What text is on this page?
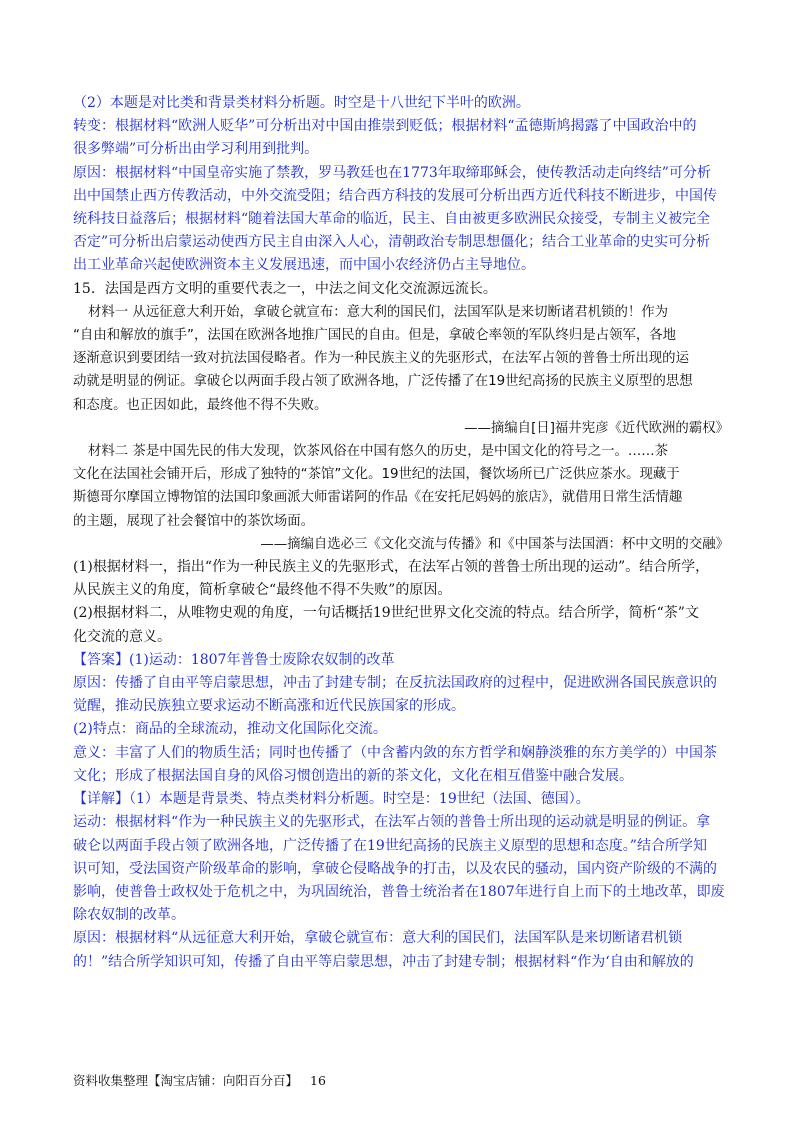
（2）本题是对比类和背景类材料分析题。时空是十八世纪下半叶的欧洲。
转变：根据材料“欧洲人贬华”可分析出对中国由推崇到贬低；根据材料“孟德斯鸠揭露了中国政治中的
很多弊端”可分析出由学习利用到批判。
原因：根据材料“中国皇帝实施了禁教，罗马教廷也在1773年取缔耶稣会，使传教活动走向终结”可分析
出中国禁止西方传教活动，中外交流受阻；结合西方科技的发展可分析出西方近代科技不断进步，中国传
统科技日益落后；根据材料“随着法国大革命的临近，民主、自由被更多欧洲民众接受，专制主义被完全
否定”可分析出启蒙运动使西方民主自由深入人心，清朝政治专制思想僵化；结合工业革命的史实可分析
出工业革命兴起使欧洲资本主义发展迅速，而中国小农经济仍占主导地位。
15．法国是西方文明的重要代表之一，中法之间文化交流源远流长。
材料一 从远征意大利开始，拿破仑就宣布：意大利的国民们，法国军队是来切断诸君机锁的！作为
“自由和解放的旗手”，法国在欧洲各地推广国民的自由。但是，拿破仑率领的军队终归是占领军，各地
逐渐意识到要团结一致对抗法国侵略者。作为一种民族主义的先驱形式，在法军占领的普鲁士所出现的运
动就是明显的例证。拿破仑以两面手段占领了欧洲各地，广泛传播了在19世纪高扬的民族主义原型的思想
和态度。也正因如此，最终他不得不失败。
——摘编自[日]福井宪彦《近代欧洲的霸权》
材料二 茶是中国先民的伟大发现，饮茶风俗在中国有悠久的历史，是中国文化的符号之一。……茶
文化在法国社会铺开后，形成了独特的“茶馆”文化。19世纪的法国，餐饮场所已广泛供应茶水。现藏于
斯德哥尔摩国立博物馆的法国印象画派大师雷诺阿的作品《在安托尼妈妈的旅店》，就借用日常生活情趣
的主题，展现了社会餐馆中的茶饮场面。
——摘编自选必三《文化交流与传播》和《中国茶与法国酒：杯中文明的交融》
(1)根据材料一，指出“作为一种民族主义的先驱形式，在法军占领的普鲁士所出现的运动”。结合所学，
从民族主义的角度，简析拿破仑“最终他不得不失败”的原因。
(2)根据材料二，从唯物史观的角度，一句话概括19世纪世界文化交流的特点。结合所学，简析“茶”文
化交流的意义。
【答案】(1)运动：1807年普鲁士废除农奴制的改革
原因：传播了自由平等启蒙思想，冲击了封建专制；在反抗法国政府的过程中，促进欧洲各国民族意识的
觉醒，推动民族独立要求运动不断高涨和近代民族国家的形成。
(2)特点：商品的全球流动，推动文化国际化交流。
意义：丰富了人们的物质生活；同时也传播了（中含蓄内敛的东方哲学和娴静淡雅的东方美学的）中国茶
文化；形成了根据法国自身的风俗习惯创造出的新的茶文化，文化在相互借鉴中融合发展。
【详解】（1）本题是背景类、特点类材料分析题。时空是：19世纪（法国、德国）。
运动：根据材料“作为一种民族主义的先驱形式，在法军占领的普鲁士所出现的运动就是明显的例证。拿
破仑以两面手段占领了欧洲各地，广泛传播了在19世纪高扬的民族主义原型的思想和态度。”结合所学知
识可知，受法国资产阶级革命的影响，拿破仑侵略战争的打击，以及农民的骚动，国内资产阶级的不满的
影响，使普鲁士政权处于危机之中，为巩固统治，普鲁士统治者在1807年进行自上而下的土地改革，即废
除农奴制的改革。
原因：根据材料“从远征意大利开始，拿破仑就宣布：意大利的国民们，法国军队是来切断诸君机锁
的！”结合所学知识可知，传播了自由平等启蒙思想，冲击了封建专制；根据材料“作为‘自由和解放的
资料收集整理【淘宝店铺：向阳百分百】 16
